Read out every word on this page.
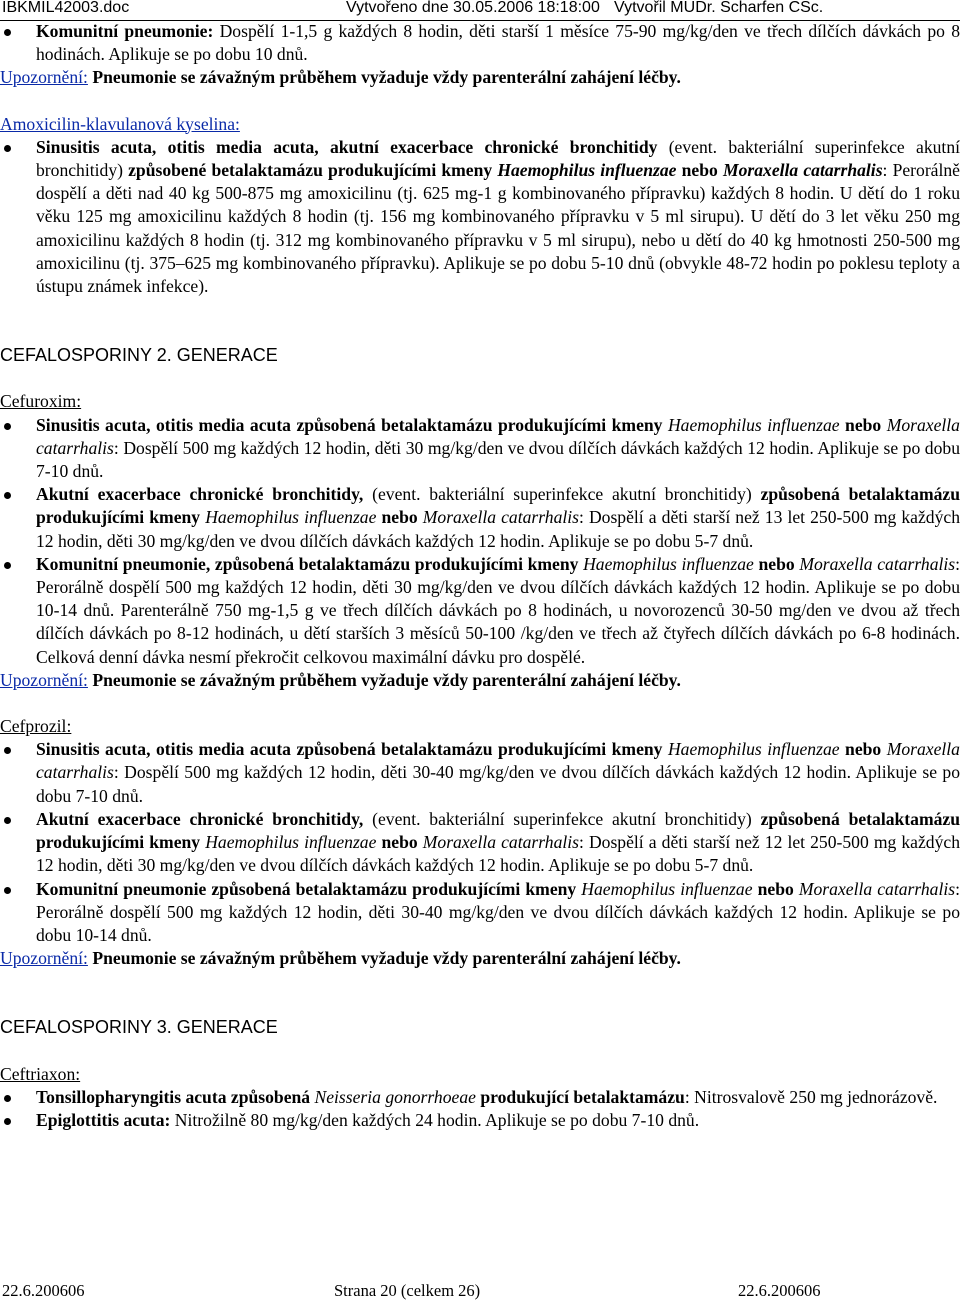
IBKMIL42003.doc	Vytvořeno dne 30.05.2006 18:18:00 Vytvořil MUDr. Scharfen CSc.
Komunitní pneumonie: Dospělí 1-1,5 g každých 8 hodin, děti starší 1 měsíce 75-90 mg/kg/den ve třech dílčích dávkách po 8 hodinách. Aplikuje se po dobu 10 dnů.

Upozornění: Pneumonie se závažným průběhem vyžaduje vždy parenterální zahájení léčby.

Amoxicilin-klavulanová kyselina:

Sinusitis acuta, otitis media acuta, akutní exacerbace chronické bronchitidy (event. bakteriální superinfekce akutní bronchitidy) způsobené betalaktamázu produkujícími kmeny Haemophilus influenzae nebo Moraxella catarrhalis: Perorálně dospělí a děti nad 40 kg 500-875 mg amoxicilinu (tj. 625 mg-1 g kombinovaného přípravku) každých 8 hodin. U dětí do 1 roku věku 125 mg amoxicilinu každých 8 hodin (tj. 156 mg kombinovaného přípravku v 5 ml sirupu). U dětí do 3 let věku 250 mg amoxicilinu každých 8 hodin (tj. 312 mg kombinovaného přípravku v 5 ml sirupu), nebo u dětí do 40 kg hmotnosti 250-500 mg amoxicilinu (tj. 375–625 mg kombinovaného přípravku). Aplikuje se po dobu 5-10 dnů (obvykle 48-72 hodin po poklesu teploty a ústupu známek infekce).

CEFALOSPORINY 2. GENERACE

Cefuroxim:

Sinusitis acuta, otitis media acuta způsobená betalaktamázu produkujícími kmeny Haemophilus influenzae nebo Moraxella catarrhalis: Dospělí 500 mg každých 12 hodin, děti 30 mg/kg/den ve dvou dílčích dávkách každých 12 hodin. Aplikuje se po dobu 7-10 dnů.
Akutní exacerbace chronické bronchitidy, (event. bakteriální superinfekce akutní bronchitidy) způsobená betalaktamázu produkujícími kmeny Haemophilus influenzae nebo Moraxella catarrhalis: Dospělí a děti starší než 13 let 250-500 mg každých 12 hodin, děti 30 mg/kg/den ve dvou dílčích dávkách každých 12 hodin. Aplikuje se po dobu 5-7 dnů.
Komunitní pneumonie, způsobená betalaktamázu produkujícími kmeny Haemophilus influenzae nebo Moraxella catarrhalis: Perorálně dospělí 500 mg každých 12 hodin, děti 30 mg/kg/den ve dvou dílčích dávkách každých 12 hodin. Aplikuje se po dobu 10-14 dnů. Parenterálně 750 mg-1,5 g ve třech dílčích dávkách po 8 hodinách, u novorozenců 30-50 mg/den ve dvou až třech dílčích dávkách po 8-12 hodinách, u dětí starších 3 měsíců 50-100 /kg/den ve třech až čtyřech dílčích dávkách po 6-8 hodinách. Celková denní dávka nesmí překročit celkovou maximální dávku pro dospělé.

Upozornění: Pneumonie se závažným průběhem vyžaduje vždy parenterální zahájení léčby.

Cefprozil:

Sinusitis acuta, otitis media acuta způsobená betalaktamázu produkujícími kmeny Haemophilus influenzae nebo Moraxella catarrhalis: Dospělí 500 mg každých 12 hodin, děti 30-40 mg/kg/den ve dvou dílčích dávkách každých 12 hodin. Aplikuje se po dobu 7-10 dnů.
Akutní exacerbace chronické bronchitidy, (event. bakteriální superinfekce akutní bronchitidy) způsobená betalaktamázu produkujícími kmeny Haemophilus influenzae nebo Moraxella catarrhalis: Dospělí a děti starší než 12 let 250-500 mg každých 12 hodin, děti 30 mg/kg/den ve dvou dílčích dávkách každých 12 hodin. Aplikuje se po dobu 5-7 dnů.
Komunitní pneumonie způsobená betalaktamázu produkujícími kmeny Haemophilus influenzae nebo Moraxella catarrhalis: Perorálně dospělí 500 mg každých 12 hodin, děti 30-40 mg/kg/den ve dvou dílčích dávkách každých 12 hodin. Aplikuje se po dobu 10-14 dnů.

Upozornění: Pneumonie se závažným průběhem vyžaduje vždy parenterální zahájení léčby.

CEFALOSPORINY 3. GENERACE

Ceftriaxon:

Tonsillopharyngitis acuta způsobená Neisseria gonorrhoeae produkující betalaktamázu: Nitrosvalově 250 mg jednorázově.
Epiglottitis acuta: Nitrožilně 80 mg/kg/den každých 24 hodin. Aplikuje se po dobu 7-10 dnů.
22.6.200606	Strana 20 (celkem 26)	22.6.200606
